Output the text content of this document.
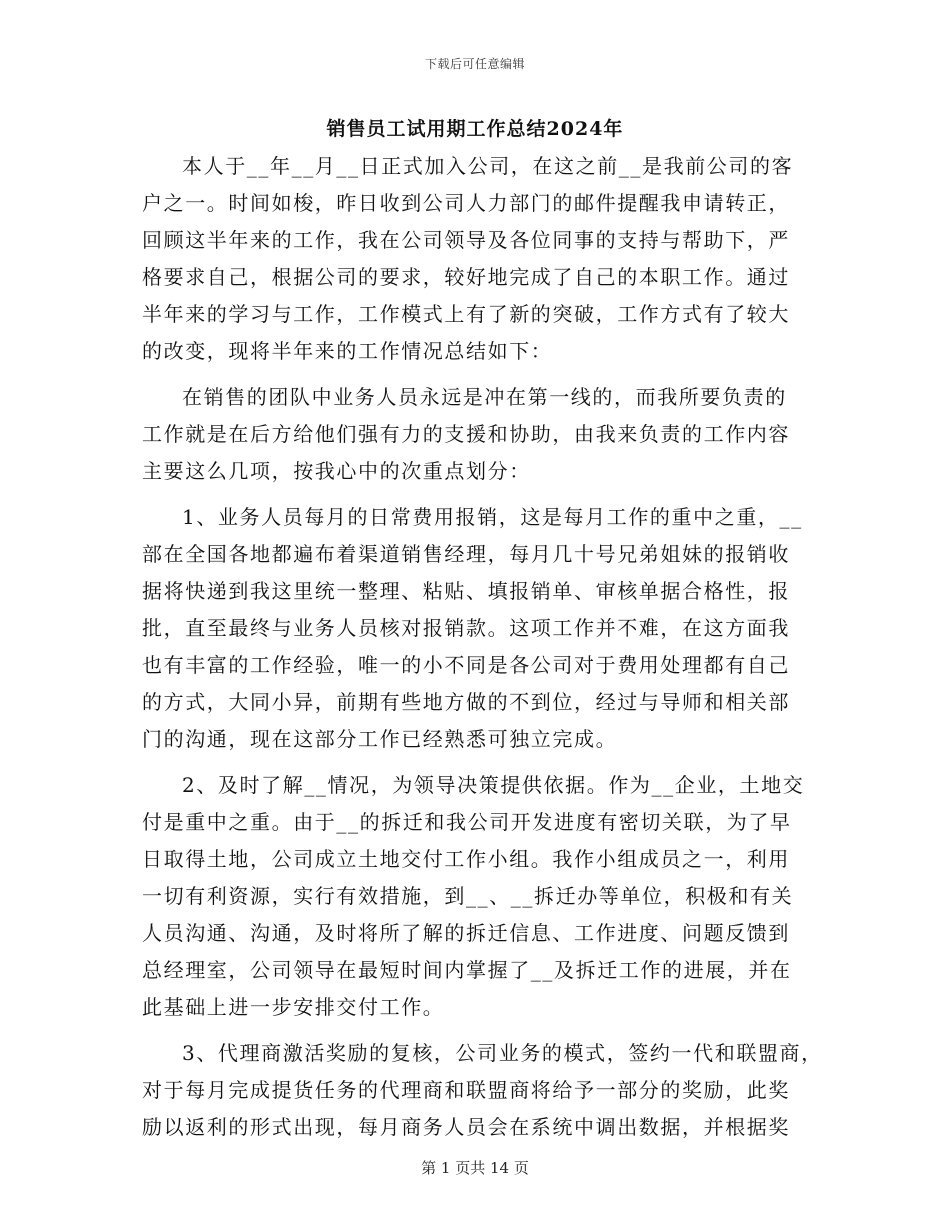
下载后可任意编辑
销售员工试用期工作总结2024年
本人于__年__月__日正式加入公司，在这之前__是我前公司的客
户之一。时间如梭，昨日收到公司人力部门的邮件提醒我申请转正，
回顾这半年来的工作，我在公司领导及各位同事的支持与帮助下，严
格要求自己，根据公司的要求，较好地完成了自己的本职工作。通过
半年来的学习与工作，工作模式上有了新的突破，工作方式有了较大
的改变，现将半年来的工作情况总结如下：
在销售的团队中业务人员永远是冲在第一线的，而我所要负责的
工作就是在后方给他们强有力的支援和协助，由我来负责的工作内容
主要这么几项，按我心中的次重点划分：
1、业务人员每月的日常费用报销，这是每月工作的重中之重，__
部在全国各地都遍布着渠道销售经理，每月几十号兄弟姐妹的报销收
据将快递到我这里统一整理、粘贴、填报销单、审核单据合格性，报
批，直至最终与业务人员核对报销款。这项工作并不难，在这方面我
也有丰富的工作经验，唯一的小不同是各公司对于费用处理都有自己
的方式，大同小异，前期有些地方做的不到位，经过与导师和相关部
门的沟通，现在这部分工作已经熟悉可独立完成。
2、及时了解__情况，为领导决策提供依据。作为__企业，土地交
付是重中之重。由于__的拆迁和我公司开发进度有密切关联，为了早
日取得土地，公司成立土地交付工作小组。我作小组成员之一，利用
一切有利资源，实行有效措施，到__、__拆迁办等单位，积极和有关
人员沟通、沟通，及时将所了解的拆迁信息、工作进度、问题反馈到
总经理室，公司领导在最短时间内掌握了__及拆迁工作的进展，并在
此基础上进一步安排交付工作。
3、代理商激活奖励的复核，公司业务的模式，签约一代和联盟商，
对于每月完成提货任务的代理商和联盟商将给予一部分的奖励，此奖
励以返利的形式出现，每月商务人员会在系统中调出数据，并根据奖
第 1 页共 14 页
